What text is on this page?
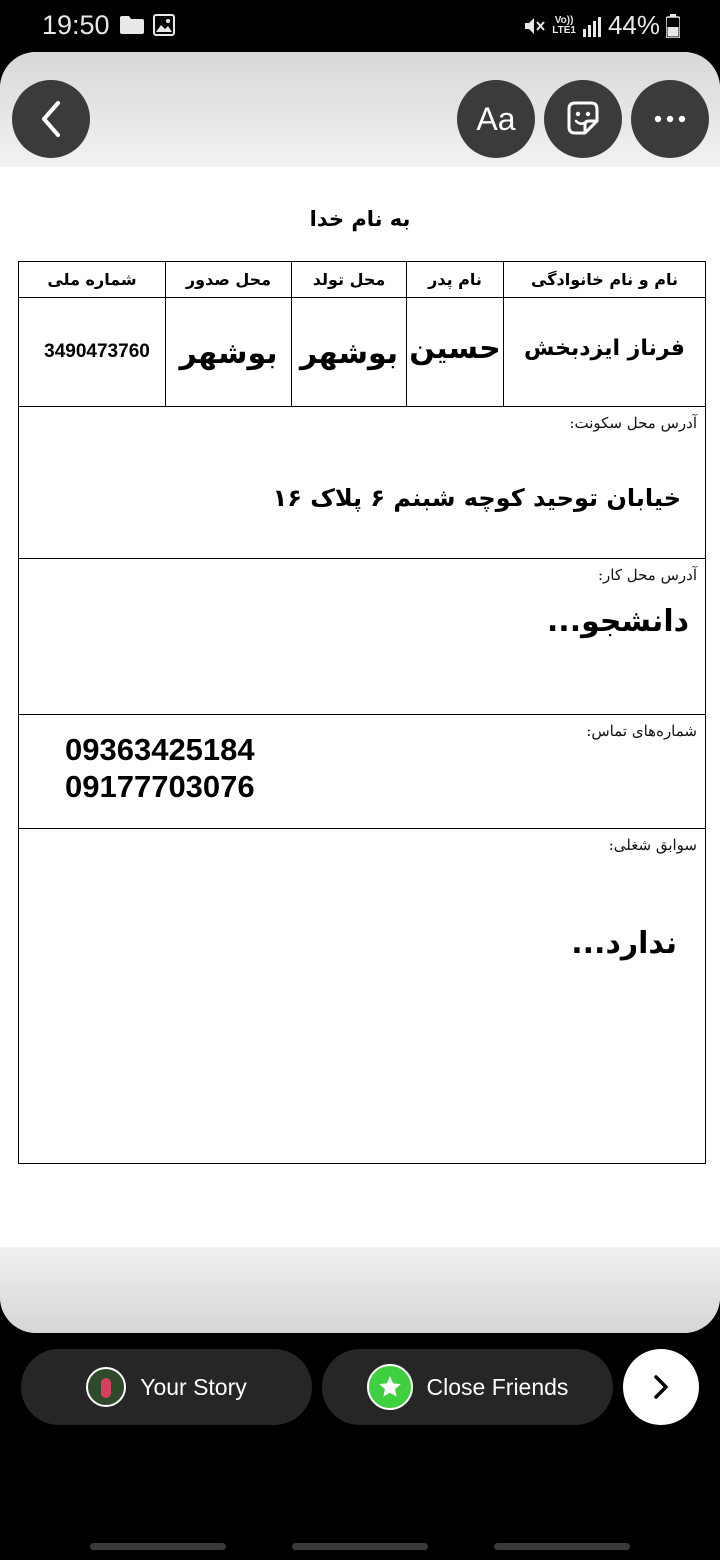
19:50	Vo))
LTE1 44%
Aa
به نام خدا
نام و نام خانوادگی
نام پدر
محل تولد
محل صدور
شماره ملی
فرناز ایزدبخش
حسین
بوشهر
بوشهر
3490473760
آدرس محل سکونت:
خیابان توحید کوچه شبنم ۶ پلاک ۱۶
آدرس محل کار:
دانشجو...
شماره‌های تماس:
09363425184
09177703076
سوابق شغلی:
ندارد...
Your Story	Close Friends
